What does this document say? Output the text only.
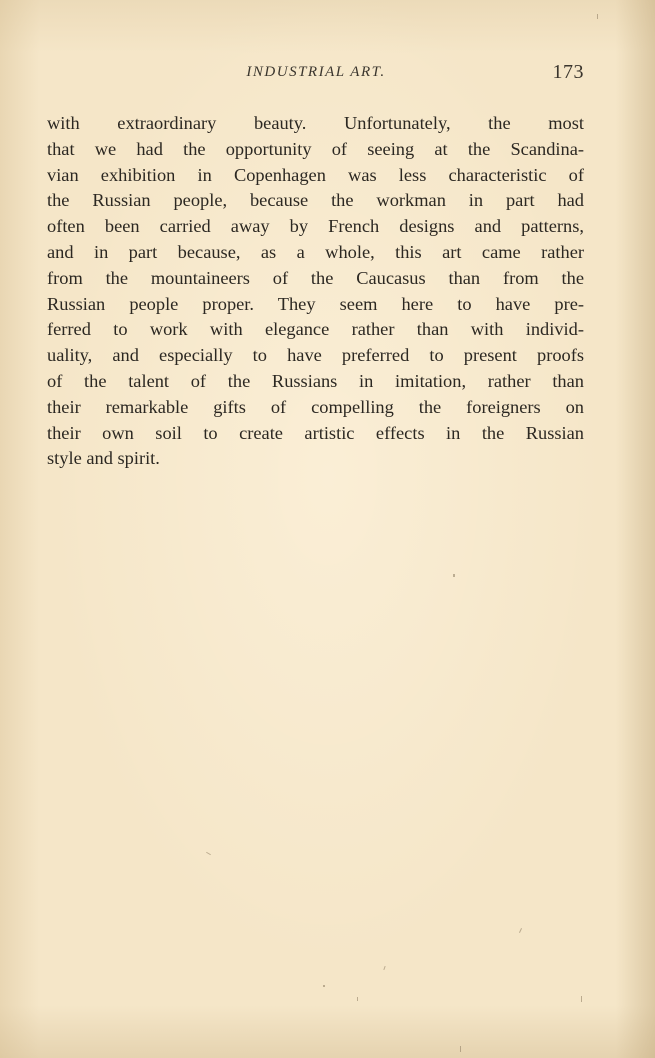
INDUSTRIAL ART.	173

with extraordinary beauty. Unfortunately, the most
that we had the opportunity of seeing at the Scandina-
vian exhibition in Copenhagen was less characteristic of
the Russian people, because the workman in part had
often been carried away by French designs and patterns,
and in part because, as a whole, this art came rather
from the mountaineers of the Caucasus than from the
Russian people proper. They seem here to have pre-
ferred to work with elegance rather than with individ-
uality, and especially to have preferred to present proofs
of the talent of the Russians in imitation, rather than
their remarkable gifts of compelling the foreigners on
their own soil to create artistic effects in the Russian
style and spirit.
